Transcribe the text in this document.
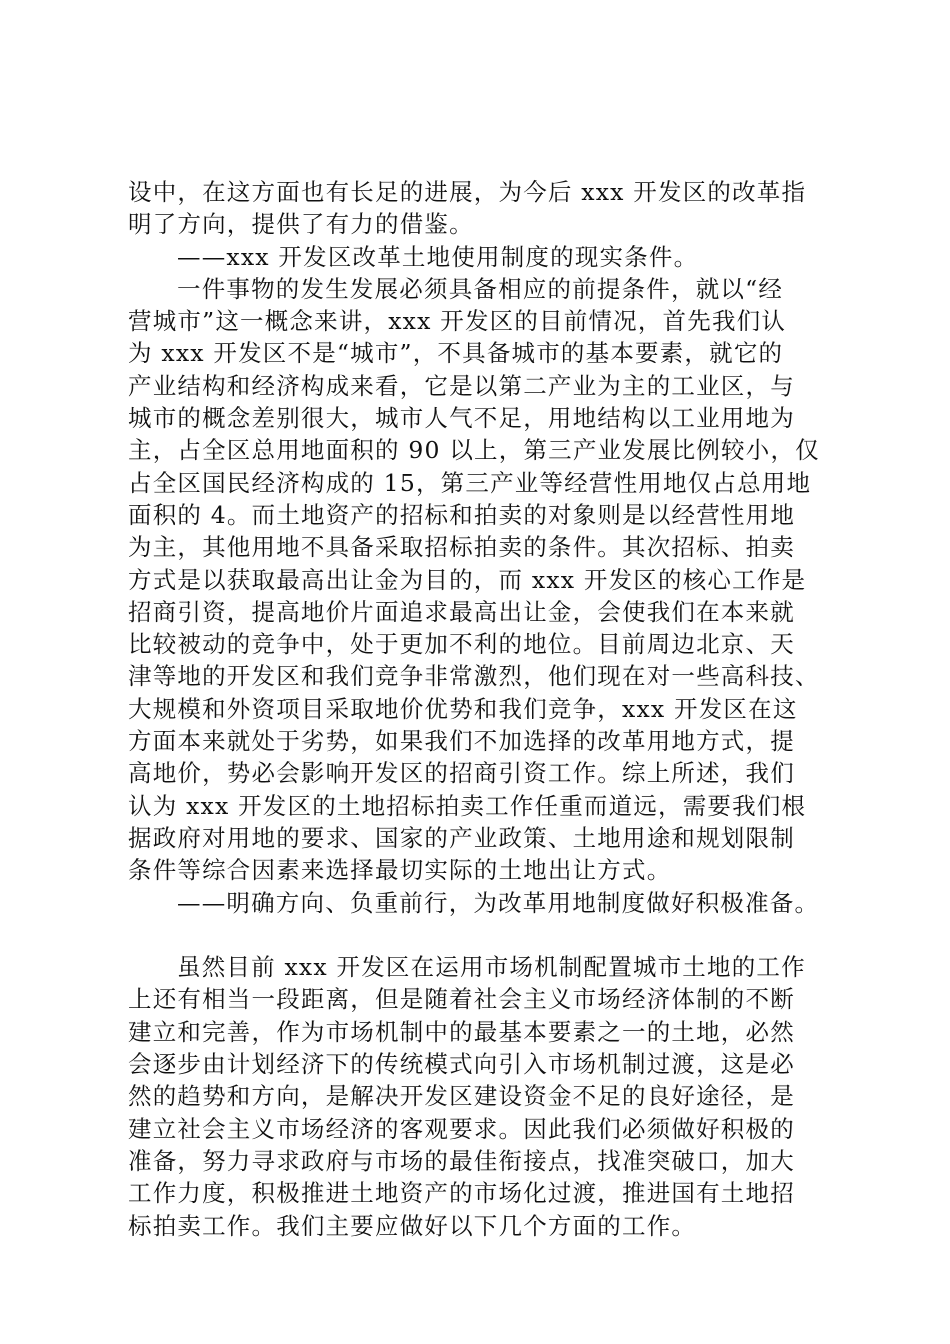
设中，在这方面也有长足的进展，为今后 xxx 开发区的改革指
明了方向，提供了有力的借鉴。
——xxx 开发区改革土地使用制度的现实条件。
一件事物的发生发展必须具备相应的前提条件，就以“经
营城市”这一概念来讲，xxx 开发区的目前情况，首先我们认
为 xxx 开发区不是“城市”，不具备城市的基本要素，就它的
产业结构和经济构成来看，它是以第二产业为主的工业区，与
城市的概念差别很大，城市人气不足，用地结构以工业用地为
主，占全区总用地面积的 90 以上，第三产业发展比例较小，仅
占全区国民经济构成的 15，第三产业等经营性用地仅占总用地
面积的 4。而土地资产的招标和拍卖的对象则是以经营性用地
为主，其他用地不具备采取招标拍卖的条件。其次招标、拍卖
方式是以获取最高出让金为目的，而 xxx 开发区的核心工作是
招商引资，提高地价片面追求最高出让金，会使我们在本来就
比较被动的竞争中，处于更加不利的地位。目前周边北京、天
津等地的开发区和我们竞争非常激烈，他们现在对一些高科技、
大规模和外资项目采取地价优势和我们竞争，xxx 开发区在这
方面本来就处于劣势，如果我们不加选择的改革用地方式，提
高地价，势必会影响开发区的招商引资工作。综上所述，我们
认为 xxx 开发区的土地招标拍卖工作任重而道远，需要我们根
据政府对用地的要求、国家的产业政策、土地用途和规划限制
条件等综合因素来选择最切实际的土地出让方式。
——明确方向、负重前行，为改革用地制度做好积极准备。
虽然目前 xxx 开发区在运用市场机制配置城市土地的工作
上还有相当一段距离，但是随着社会主义市场经济体制的不断
建立和完善，作为市场机制中的最基本要素之一的土地，必然
会逐步由计划经济下的传统模式向引入市场机制过渡，这是必
然的趋势和方向，是解决开发区建设资金不足的良好途径，是
建立社会主义市场经济的客观要求。因此我们必须做好积极的
准备，努力寻求政府与市场的最佳衔接点，找准突破口，加大
工作力度，积极推进土地资产的市场化过渡，推进国有土地招
标拍卖工作。我们主要应做好以下几个方面的工作。
